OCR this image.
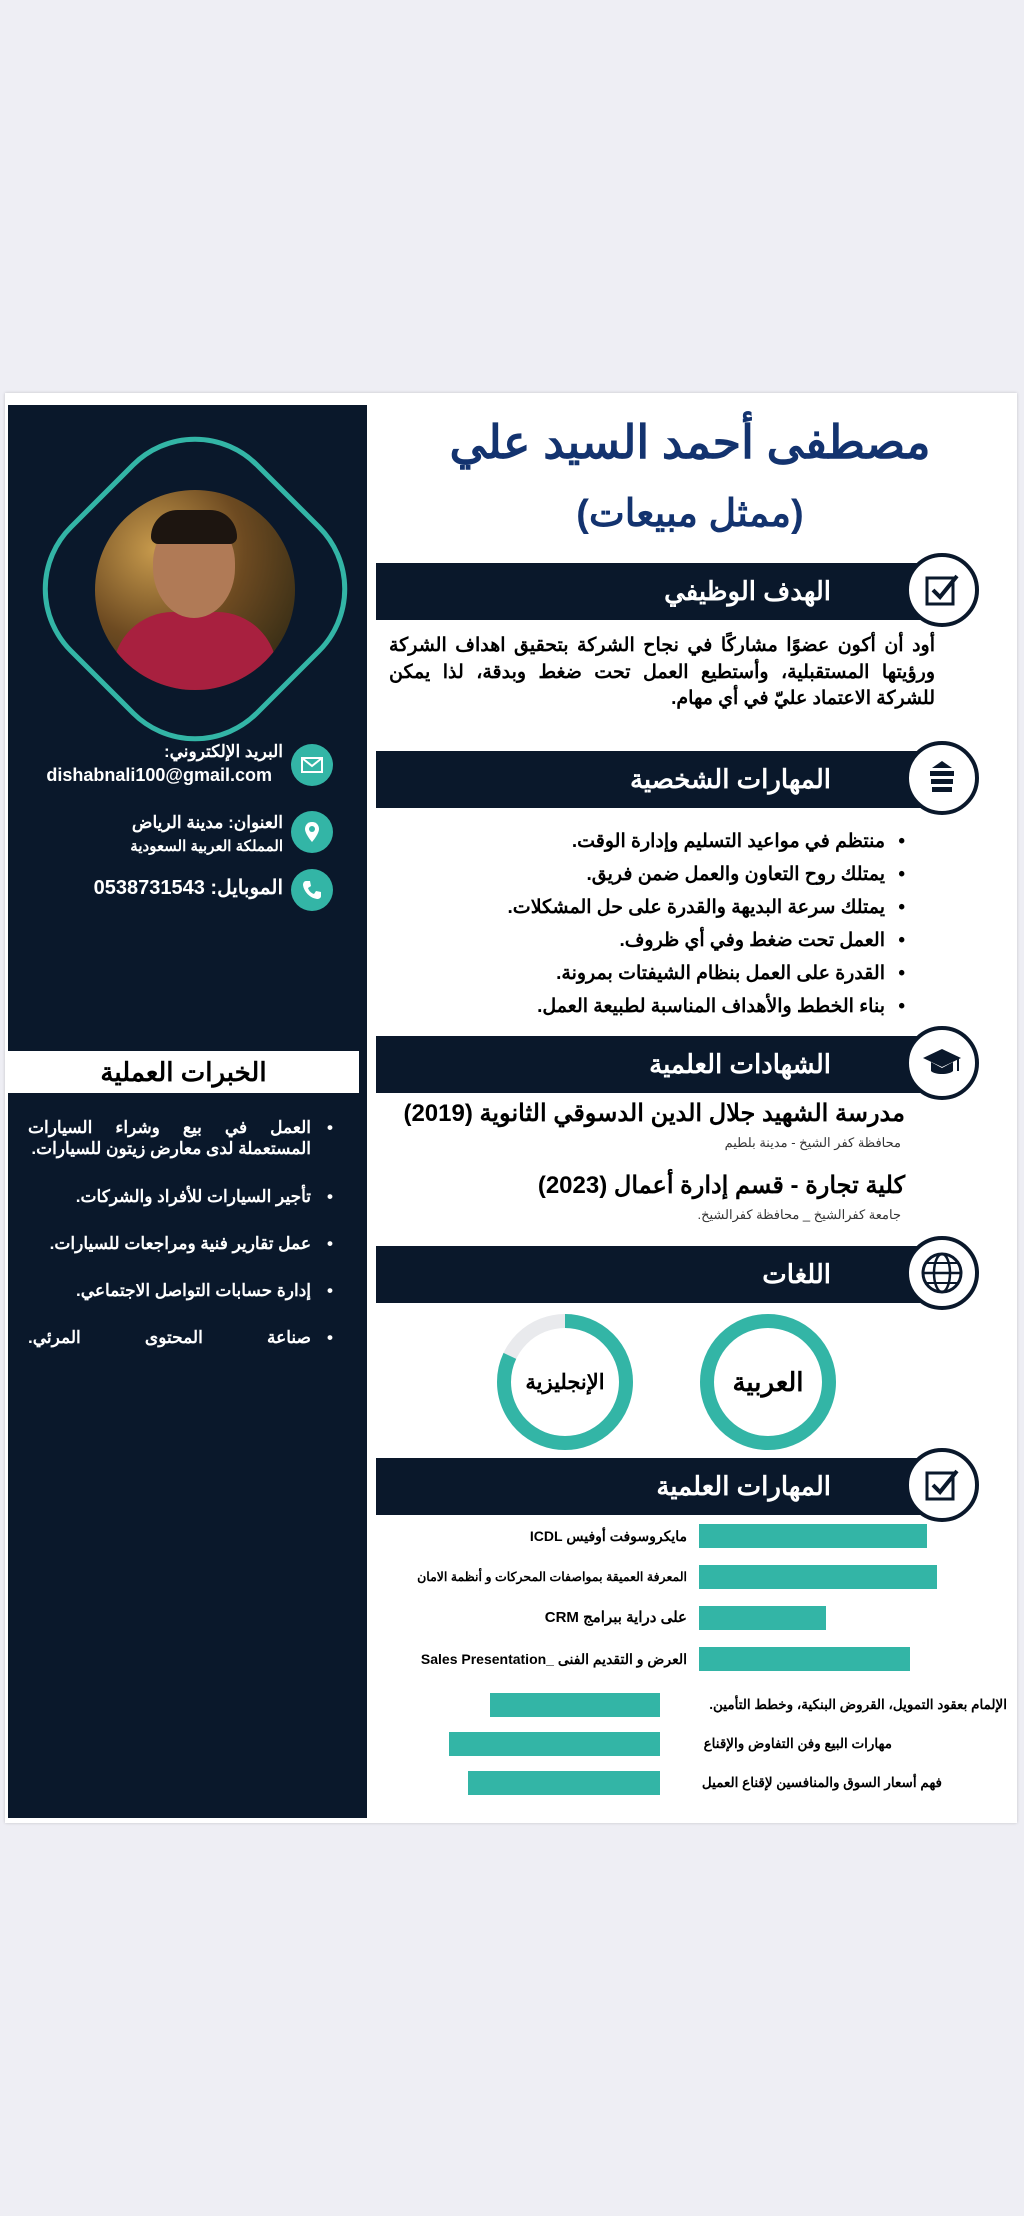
البريد الإلكتروني:
dishabnali100@gmail.com
العنوان: مدينة الرياض
المملكة العربية السعودية
الموبايل: 0538731543
الخبرات العملية
• العمل في بيع وشراء السيارات المستعملة لدى معارض زيتون للسيارات.
• تأجير السيارات للأفراد والشركات.
• عمل تقارير فنية ومراجعات للسيارات.
• إدارة حسابات التواصل الاجتماعي.
• صناعة المحتوى المرئي.
مصطفى أحمد السيد علي
(ممثل مبيعات)
الهدف الوظيفي
أود أن أكون عضوًا مشاركًا في نجاح الشركة بتحقيق اهداف الشركة ورؤيتها المستقبلية، وأستطيع العمل تحت ضغط وبدقة، لذا يمكن للشركة الاعتماد عليّ في أي مهام.
المهارات الشخصية
• منتظم في مواعيد التسليم وإدارة الوقت.
• يمتلك روح التعاون والعمل ضمن فريق.
• يمتلك سرعة البديهة والقدرة على حل المشكلات.
• العمل تحت ضغط وفي أي ظروف.
• القدرة على العمل بنظام الشيفتات بمرونة.
• بناء الخطط والأهداف المناسبة لطبيعة العمل.
الشهادات العلمية
مدرسة الشهيد جلال الدين الدسوقي الثانوية (2019)
محافظة كفر الشيخ - مدينة بلطيم
كلية تجارة - قسم إدارة أعمال (2023)
جامعة كفرالشيخ _ محافظة كفرالشيخ.
اللغات
العربية
الإنجليزية
المهارات العلمية
مايكروسوفت أوفيس ICDL
المعرفة العميقة بمواصفات المحركات و أنظمة الامان
على دراية ببرامج CRM
العرض و التقديم الفنى _Sales Presentation
الإلمام بعقود التمويل، القروض البنكية، وخطط التأمين.
مهارات البيع وفن التفاوض والإقناع
فهم أسعار السوق والمنافسين لإقناع العميل
